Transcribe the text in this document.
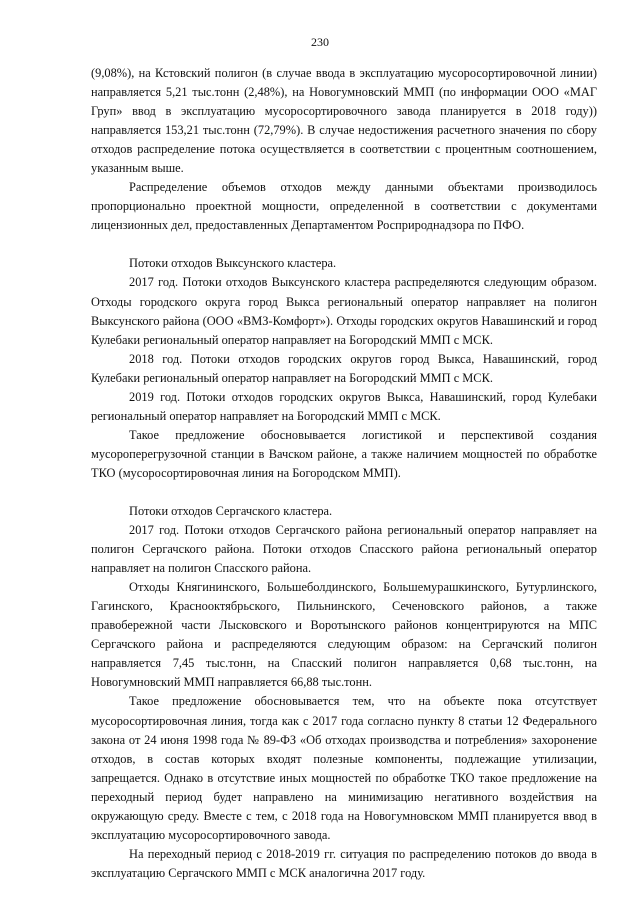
230

(9,08%), на Кстовский полигон (в случае ввода в эксплуатацию мусоросортировочной линии) направляется 5,21 тыс.тонн (2,48%), на Новогумновский ММП (по информации ООО «МАГ Груп» ввод в эксплуатацию мусоросортировочного завода планируется в 2018 году)) направляется 153,21 тыс.тонн (72,79%). В случае недостижения расчетного значения по сбору отходов распределение потока осуществляется в соответствии с процентным соотношением, указанным выше.

Распределение объемов отходов между данными объектами производилось пропорционально проектной мощности, определенной в соответствии с документами лицензионных дел, предоставленных Департаментом Росприроднадзора по ПФО.

Потоки отходов Выксунского кластера.

2017 год. Потоки отходов Выксунского кластера распределяются следующим образом. Отходы городского округа город Выкса региональный оператор направляет на полигон Выксунского района (ООО «ВМЗ-Комфорт»). Отходы городских округов Навашинский и город Кулебаки региональный оператор направляет на Богородский ММП с МСК.

2018 год. Потоки отходов городских округов город Выкса, Навашинский, город Кулебаки региональный оператор направляет на Богородский ММП с МСК.

2019 год. Потоки отходов городских округов Выкса, Навашинский, город Кулебаки региональный оператор направляет на Богородский ММП с МСК.

Такое предложение обосновывается логистикой и перспективой создания мусороперегрузочной станции в Вачском районе, а также наличием мощностей по обработке ТКО (мусоросортировочная линия на Богородском ММП).

Потоки отходов Сергачского кластера.

2017 год. Потоки отходов Сергачского района региональный оператор направляет на полигон Сергачского района. Потоки отходов Спасского района региональный оператор направляет на полигон Спасского района.

Отходы Княгининского, Большеболдинского, Большемурашкинского, Бутурлинского, Гагинского, Краснооктябрьского, Пильнинского, Сеченовского районов, а также правобережной части Лысковского и Воротынского районов концентрируются на МПС Сергачского района и распределяются следующим образом: на Сергачский полигон направляется 7,45 тыс.тонн, на Спасский полигон направляется 0,68 тыс.тонн, на Новогумновский ММП направляется 66,88 тыс.тонн.

Такое предложение обосновывается тем, что на объекте пока отсутствует мусоросортировочная линия, тогда как с 2017 года согласно пункту 8 статьи 12 Федерального закона от 24 июня 1998 года № 89-ФЗ «Об отходах производства и потребления» захоронение отходов, в состав которых входят полезные компоненты, подлежащие утилизации, запрещается. Однако в отсутствие иных мощностей по обработке ТКО такое предложение на переходный период будет направлено на минимизацию негативного воздействия на окружающую среду. Вместе с тем, с 2018 года на Новогумновском ММП планируется ввод в эксплуатацию мусоросортировочного завода.

На переходный период с 2018-2019 гг. ситуация по распределению потоков до ввода в эксплуатацию Сергачского ММП с МСК аналогична 2017 году.
